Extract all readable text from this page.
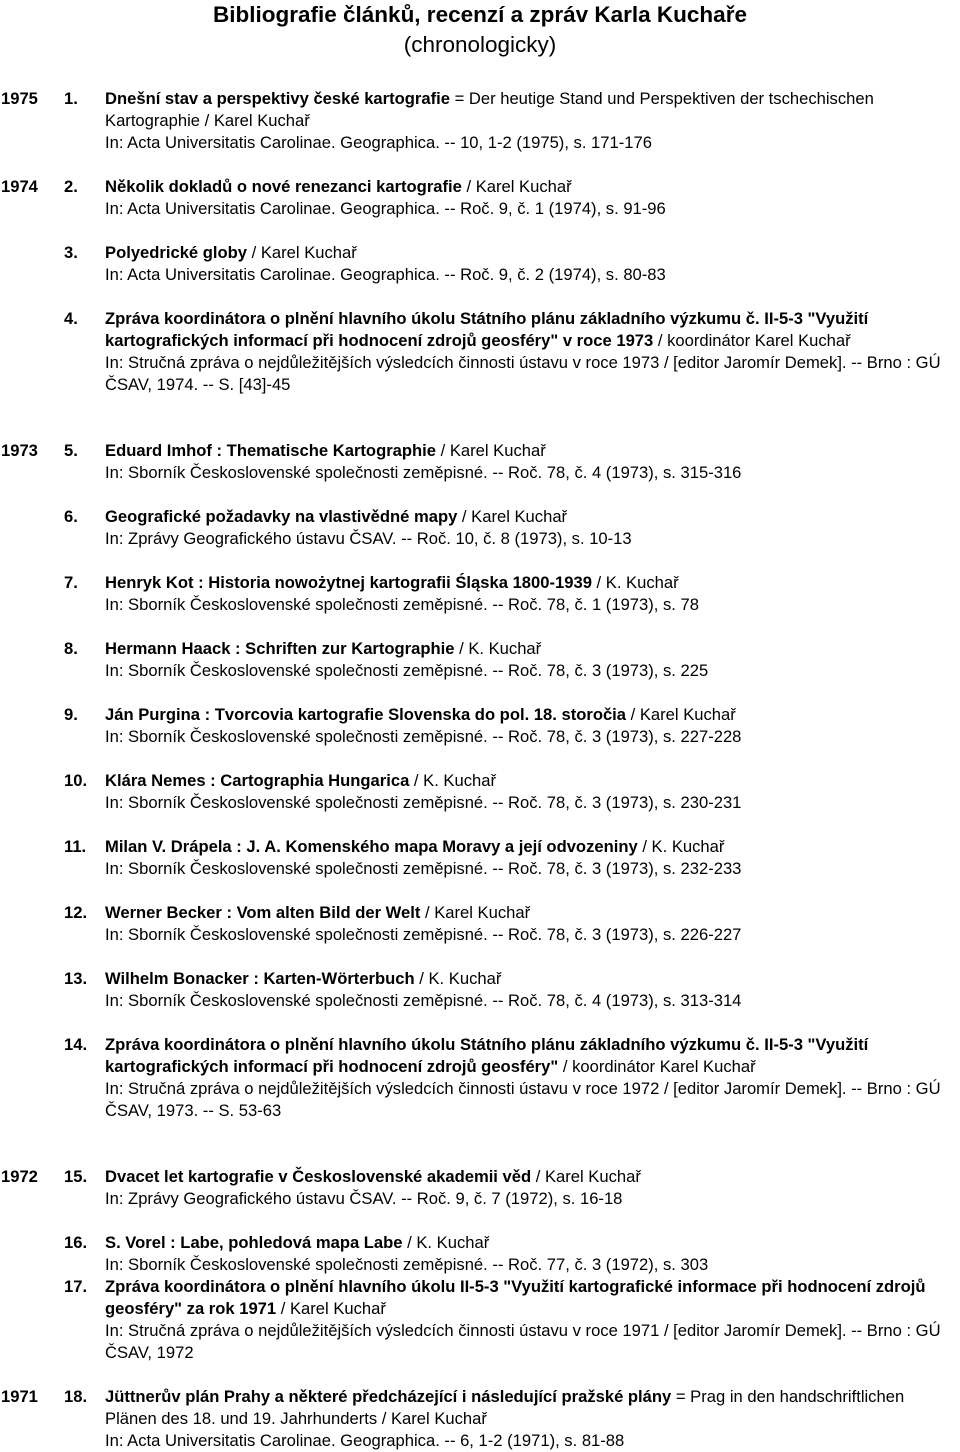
Bibliografie článků, recenzí a zpráv Karla Kuchaře
(chronologicky)
1975 1. Dnešní stav a perspektivy české kartografie = Der heutige Stand und Perspektiven der tschechischen Kartographie / Karel Kuchař
In: Acta Universitatis Carolinae. Geographica. -- 10, 1-2 (1975), s. 171-176
1974 2. Několik dokladů o nové renezanci kartografie / Karel Kuchař
In: Acta Universitatis Carolinae. Geographica. -- Roč. 9, č. 1 (1974), s. 91-96
3. Polyedrické globy / Karel Kuchař
In: Acta Universitatis Carolinae. Geographica. -- Roč. 9, č. 2 (1974), s. 80-83
4. Zpráva koordinátora o plnění hlavního úkolu Státního plánu základního výzkumu č. II-5-3 "Využití kartografických informací při hodnocení zdrojů geosféry" v roce 1973 / koordinátor Karel Kuchař
In: Stručná zpráva o nejdůležitějších výsledcích činnosti ústavu v roce 1973 / [editor Jaromír Demek]. -- Brno : GÚ ČSAV, 1974. -- S. [43]-45
1973 5. Eduard Imhof : Thematische Kartographie / Karel Kuchař
In: Sborník Československé společnosti zeměpisné. -- Roč. 78, č. 4 (1973), s. 315-316
6. Geografické požadavky na vlastivědné mapy / Karel Kuchař
In: Zprávy Geografického ústavu ČSAV. -- Roč. 10, č. 8 (1973), s. 10-13
7. Henryk Kot : Historia nowożytnej kartografii Śląska 1800-1939 / K. Kuchař
In: Sborník Československé společnosti zeměpisné. -- Roč. 78, č. 1 (1973), s. 78
8. Hermann Haack : Schriften zur Kartographie / K. Kuchař
In: Sborník Československé společnosti zeměpisné. -- Roč. 78, č. 3 (1973), s. 225
9. Ján Purgina : Tvorcovia kartografie Slovenska do pol. 18. storočia / Karel Kuchař
In: Sborník Československé společnosti zeměpisné. -- Roč. 78, č. 3 (1973), s. 227-228
10. Klára Nemes : Cartographia Hungarica / K. Kuchař
In: Sborník Československé společnosti zeměpisné. -- Roč. 78, č. 3 (1973), s. 230-231
11. Milan V. Drápela : J. A. Komenského mapa Moravy a její odvozeniny / K. Kuchař
In: Sborník Československé společnosti zeměpisné. -- Roč. 78, č. 3 (1973), s. 232-233
12. Werner Becker : Vom alten Bild der Welt / Karel Kuchař
In: Sborník Československé společnosti zeměpisné. -- Roč. 78, č. 3 (1973), s. 226-227
13. Wilhelm Bonacker : Karten-Wörterbuch / K. Kuchař
In: Sborník Československé společnosti zeměpisné. -- Roč. 78, č. 4 (1973), s. 313-314
14. Zpráva koordinátora o plnění hlavního úkolu Státního plánu základního výzkumu č. II-5-3 "Využití kartografických informací při hodnocení zdrojů geosféry" / koordinátor Karel Kuchař
In: Stručná zpráva o nejdůležitějších výsledcích činnosti ústavu v roce 1972 / [editor Jaromír Demek]. -- Brno : GÚ ČSAV, 1973. -- S. 53-63
1972 15. Dvacet let kartografie v Československé akademii věd / Karel Kuchař
In: Zprávy Geografického ústavu ČSAV. -- Roč. 9, č. 7 (1972), s. 16-18
16. S. Vorel : Labe, pohledová mapa Labe / K. Kuchař
In: Sborník Československé společnosti zeměpisné. -- Roč. 77, č. 3 (1972), s. 303
17. Zpráva koordinátora o plnění hlavního úkolu II-5-3 "Využití kartografické informace při hodnocení zdrojů geosféry" za rok 1971 / Karel Kuchař
In: Stručná zpráva o nejdůležitějších výsledcích činnosti ústavu v roce 1971 / [editor Jaromír Demek]. -- Brno : GÚ ČSAV, 1972
1971 18. Jüttnerův plán Prahy a některé předcházející i následující pražské plány = Prag in den handschriftlichen Plänen des 18. und 19. Jahrhunderts / Karel Kuchař
In: Acta Universitatis Carolinae. Geographica. -- 6, 1-2 (1971), s. 81-88
